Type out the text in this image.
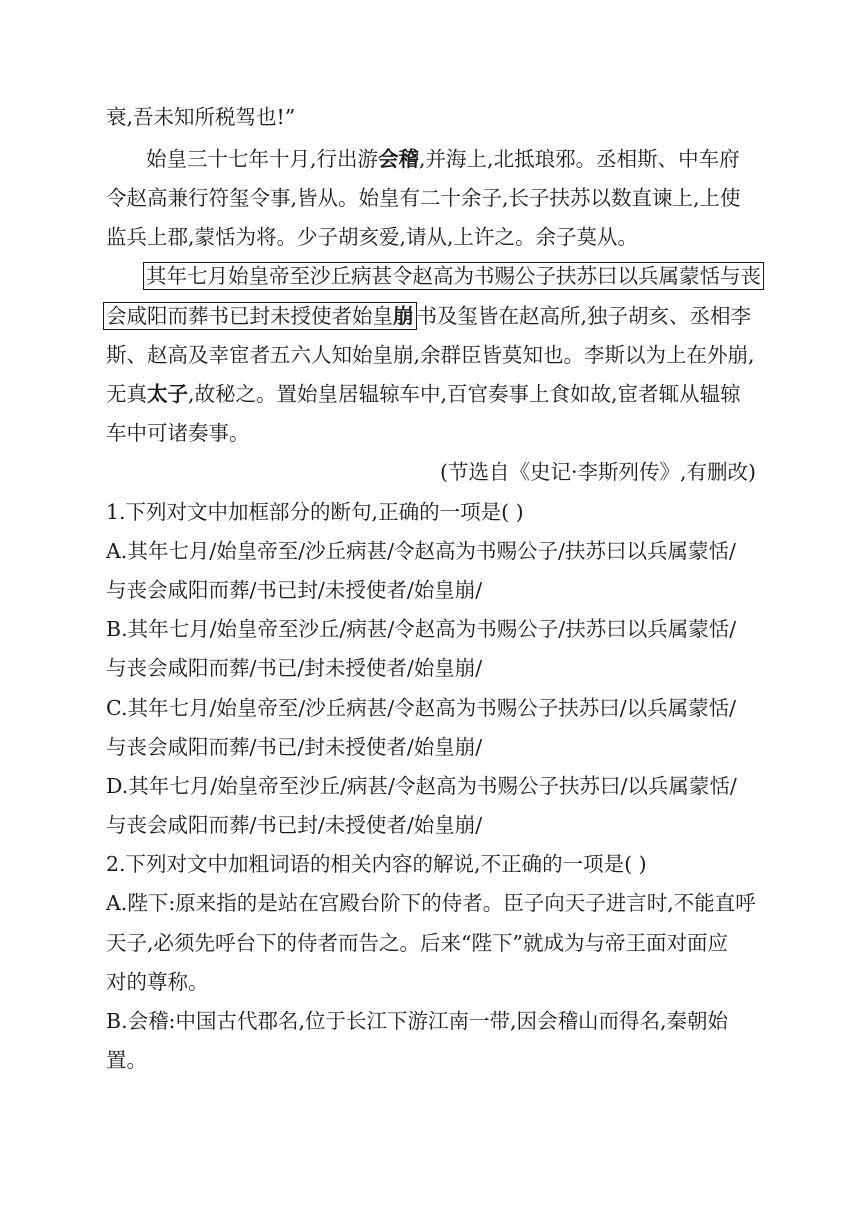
衰,吾未知所税驾也!”
始皇三十七年十月,行出游会稽,并海上,北抵琅邪。丞相斯、中车府
令赵高兼行符玺令事,皆从。始皇有二十余子,长子扶苏以数直谏上,上使
监兵上郡,蒙恬为将。少子胡亥爱,请从,上许之。余子莫从。
其年七月始皇帝至沙丘病甚令赵高为书赐公子扶苏曰以兵属蒙恬与丧
会咸阳而葬书已封未授使者始皇崩 书及玺皆在赵高所,独子胡亥、丞相李
斯、赵高及幸宦者五六人知始皇崩,余群臣皆莫知也。李斯以为上在外崩,
无真太子,故秘之。置始皇居辒辌车中,百官奏事上食如故,宦者辄从辒辌
车中可诸奏事。
(节选自《史记·李斯列传》,有删改)
1.下列对文中加框部分的断句,正确的一项是( )
A.其年七月/始皇帝至/沙丘病甚/令赵高为书赐公子/扶苏曰以兵属蒙恬/
与丧会咸阳而葬/书已封/未授使者/始皇崩/
B.其年七月/始皇帝至沙丘/病甚/令赵高为书赐公子/扶苏曰以兵属蒙恬/
与丧会咸阳而葬/书已/封未授使者/始皇崩/
C.其年七月/始皇帝至/沙丘病甚/令赵高为书赐公子扶苏曰/以兵属蒙恬/
与丧会咸阳而葬/书已/封未授使者/始皇崩/
D.其年七月/始皇帝至沙丘/病甚/令赵高为书赐公子扶苏曰/以兵属蒙恬/
与丧会咸阳而葬/书已封/未授使者/始皇崩/
2.下列对文中加粗词语的相关内容的解说,不正确的一项是( )
A.陛下:原来指的是站在宫殿台阶下的侍者。臣子向天子进言时,不能直呼
天子,必须先呼台下的侍者而告之。后来“陛下”就成为与帝王面对面应
对的尊称。
B.会稽:中国古代郡名,位于长江下游江南一带,因会稽山而得名,秦朝始
置。
